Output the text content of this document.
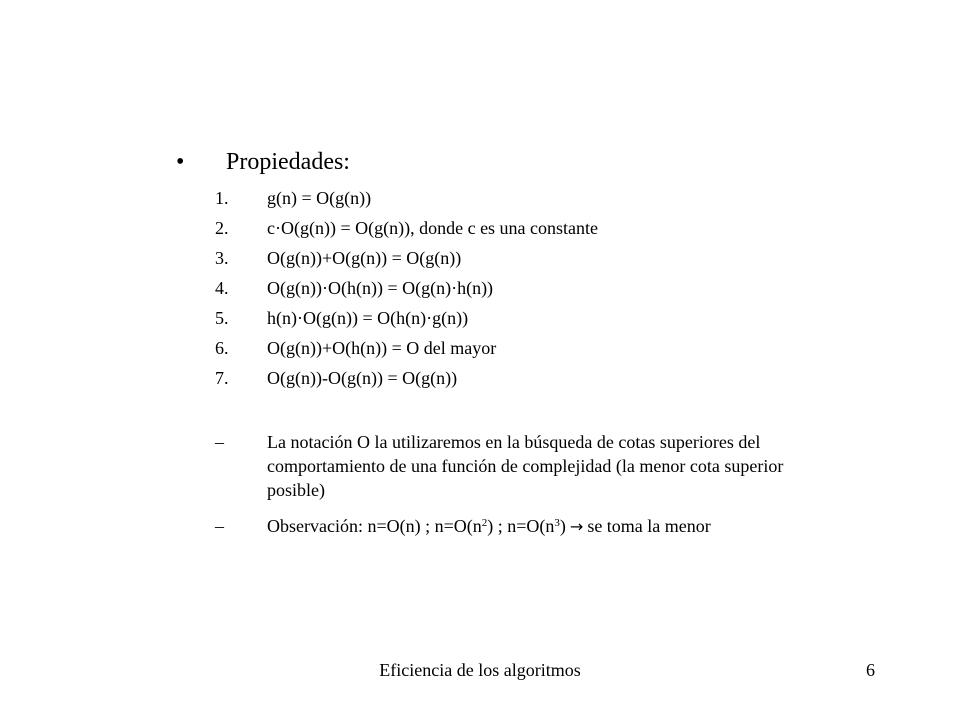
• Propiedades:
1.	g(n) = O(g(n))
2.	c·O(g(n)) = O(g(n)), donde c es una constante
3.	O(g(n))+O(g(n)) = O(g(n))
4.	O(g(n))·O(h(n)) = O(g(n)·h(n))
5.	h(n)·O(g(n)) = O(h(n)·g(n))
6.	O(g(n))+O(h(n)) = O del mayor
7.	O(g(n))-O(g(n)) = O(g(n))
–	La notación O la utilizaremos en la búsqueda de cotas superiores del comportamiento de una función de complejidad (la menor cota superior posible)
–	Observación: n=O(n) ; $n=O(n^2)$ ; $n=O(n^3)$ → se toma la menor
Eficiencia de los algoritmos	6
